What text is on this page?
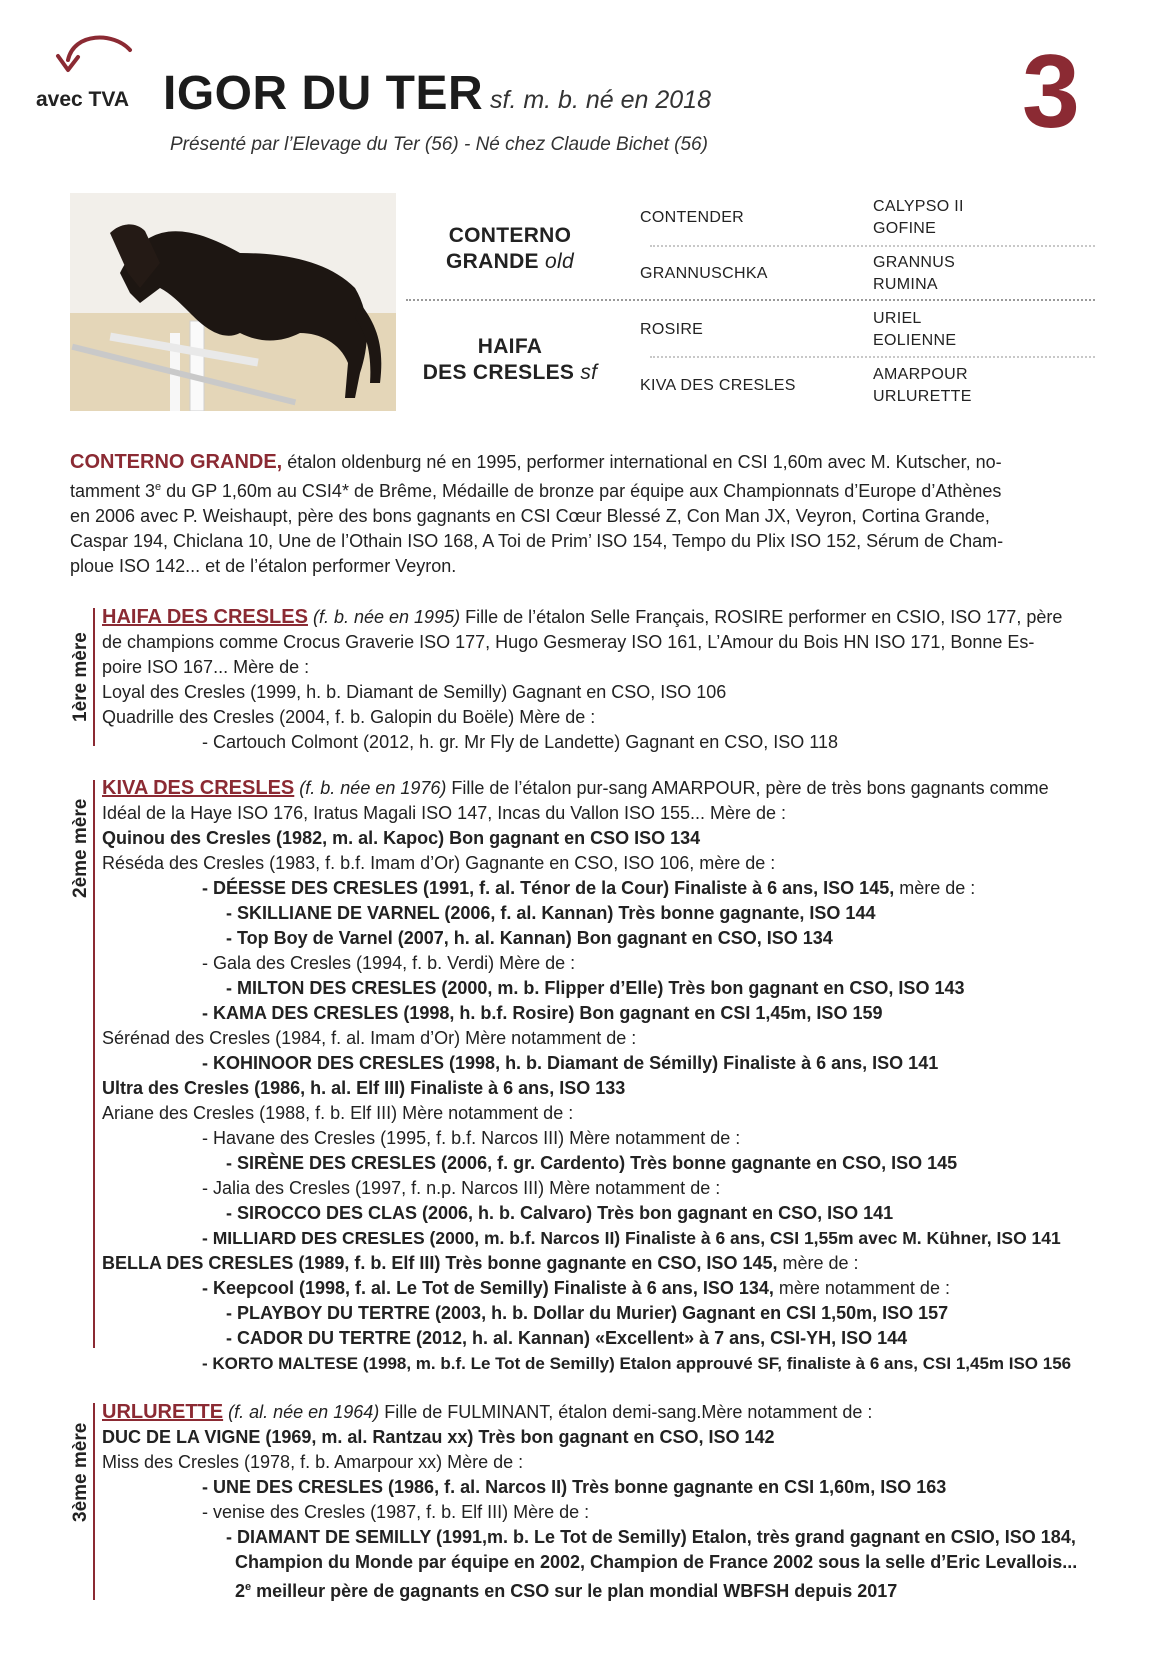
avec TVA IGOR DU TER sf. m. b. né en 2018	3
Présenté par l’Elevage du Ter (56) - Né chez Claude Bichet (56)
CONTERNO
GRANDE old
HAIFA
DES CRESLES sf
CONTENDER
GRANNUSCHKA
ROSIRE
KIVA DES CRESLES
CALYPSO II
GOFINE
GRANNUS
RUMINA
URIEL
EOLIENNE
AMARPOUR
URLURETTE
CONTERNO GRANDE, étalon oldenburg né en 1995, performer international en CSI 1,60m avec M. Kutscher, no-
tamment 3e du GP 1,60m au CSI4* de Brême, Médaille de bronze par équipe aux Championnats d’Europe d’Athènes
en 2006 avec P. Weishaupt, père des bons gagnants en CSI Cœur Blessé Z, Con Man JX, Veyron, Cortina Grande,
Caspar 194, Chiclana 10, Une de l’Othain ISO 168, A Toi de Prim’ ISO 154, Tempo du Plix ISO 152, Sérum de Cham-
ploue ISO 142... et de l’étalon performer Veyron.
1ère mère
HAIFA DES CRESLES (f. b. née en 1995) Fille de l’étalon Selle Français, ROSIRE performer en CSIO, ISO 177, père
de champions comme Crocus Graverie ISO 177, Hugo Gesmeray ISO 161, L’Amour du Bois HN ISO 171, Bonne Es-
poire ISO 167... Mère de :
Loyal des Cresles (1999, h. b. Diamant de Semilly) Gagnant en CSO, ISO 106
Quadrille des Cresles (2004, f. b. Galopin du Boële) Mère de :
- Cartouch Colmont (2012, h. gr. Mr Fly de Landette) Gagnant en CSO, ISO 118
2ème mère
KIVA DES CRESLES (f. b. née en 1976) Fille de l’étalon pur-sang AMARPOUR, père de très bons gagnants comme
Idéal de la Haye ISO 176, Iratus Magali ISO 147, Incas du Vallon ISO 155... Mère de :
Quinou des Cresles (1982, m. al. Kapoc) Bon gagnant en CSO ISO 134
Réséda des Cresles (1983, f. b.f. Imam d’Or) Gagnante en CSO, ISO 106, mère de :
- DÉESSE DES CRESLES (1991, f. al. Ténor de la Cour) Finaliste à 6 ans, ISO 145, mère de :
- SKILLIANE DE VARNEL (2006, f. al. Kannan) Très bonne gagnante, ISO 144
- Top Boy de Varnel (2007, h. al. Kannan) Bon gagnant en CSO, ISO 134
- Gala des Cresles (1994, f. b. Verdi) Mère de :
- MILTON DES CRESLES (2000, m. b. Flipper d’Elle) Très bon gagnant en CSO, ISO 143
- KAMA DES CRESLES (1998, h. b.f. Rosire) Bon gagnant en CSI 1,45m, ISO 159
Sérénad des Cresles (1984, f. al. Imam d’Or) Mère notamment de :
- KOHINOOR DES CRESLES (1998, h. b. Diamant de Sémilly) Finaliste à 6 ans, ISO 141
Ultra des Cresles (1986, h. al. Elf III) Finaliste à 6 ans, ISO 133
Ariane des Cresles (1988, f. b. Elf III) Mère notamment de :
- Havane des Cresles (1995, f. b.f. Narcos III) Mère notamment de :
- SIRÈNE DES CRESLES (2006, f. gr. Cardento) Très bonne gagnante en CSO, ISO 145
- Jalia des Cresles (1997, f. n.p. Narcos III) Mère notamment de :
- SIROCCO DES CLAS (2006, h. b. Calvaro) Très bon gagnant en CSO, ISO 141
- MILLIARD DES CRESLES (2000, m. b.f. Narcos II) Finaliste à 6 ans, CSI 1,55m avec M. Kühner, ISO 141
BELLA DES CRESLES (1989, f. b. Elf III) Très bonne gagnante en CSO, ISO 145, mère de :
- Keepcool (1998, f. al. Le Tot de Semilly) Finaliste à 6 ans, ISO 134, mère notamment de :
- PLAYBOY DU TERTRE (2003, h. b. Dollar du Murier) Gagnant en CSI 1,50m, ISO 157
- CADOR DU TERTRE (2012, h. al. Kannan) «Excellent» à 7 ans, CSI-YH, ISO 144
- KORTO MALTESE (1998, m. b.f. Le Tot de Semilly) Etalon approuvé SF, finaliste à 6 ans, CSI 1,45m ISO 156
3ème mère
URLURETTE (f. al. née en 1964) Fille de FULMINANT, étalon demi-sang.Mère notamment de :
DUC DE LA VIGNE (1969, m. al. Rantzau xx) Très bon gagnant en CSO, ISO 142
Miss des Cresles (1978, f. b. Amarpour xx) Mère de :
- UNE DES CRESLES (1986, f. al. Narcos II) Très bonne gagnante en CSI 1,60m, ISO 163
- venise des Cresles (1987, f. b. Elf III) Mère de :
- DIAMANT DE SEMILLY (1991,m. b. Le Tot de Semilly) Etalon, très grand gagnant en CSIO, ISO 184,
Champion du Monde par équipe en 2002, Champion de France 2002 sous la selle d’Eric Levallois...
2e meilleur père de gagnants en CSO sur le plan mondial WBFSH depuis 2017
